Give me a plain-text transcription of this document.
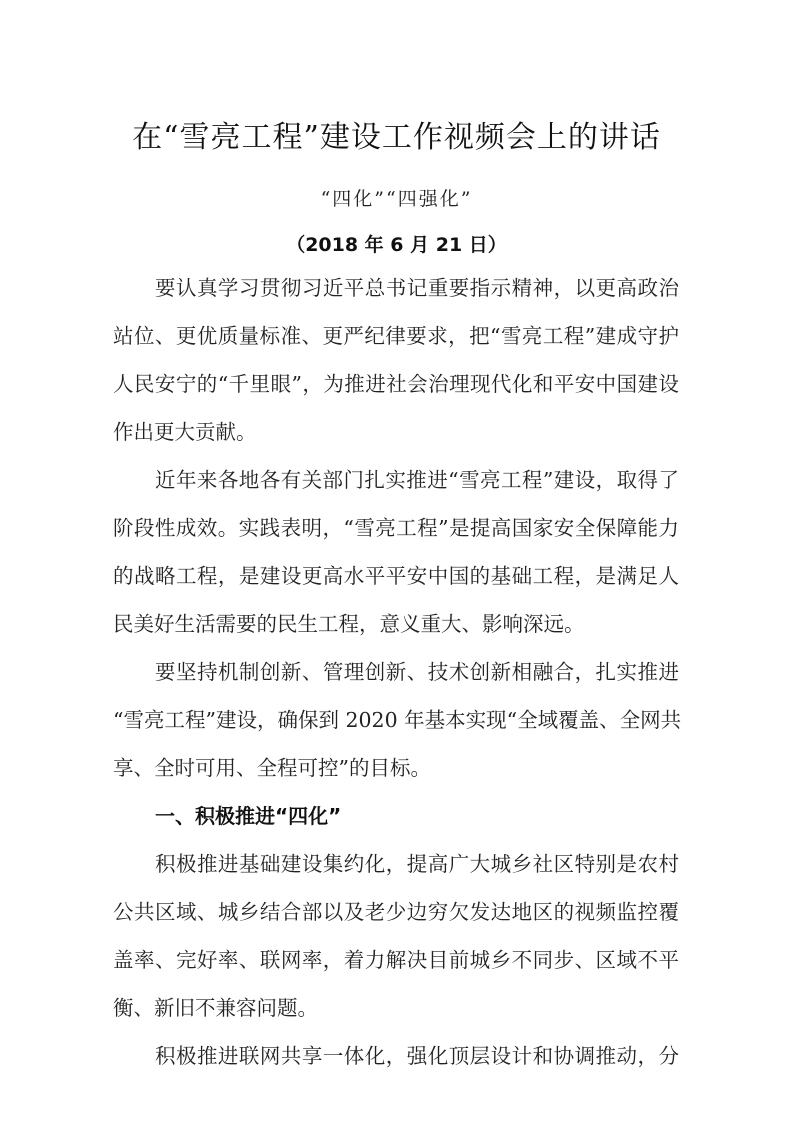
在“雪亮工程”建设工作视频会上的讲话
“四化”“四强化”
（2018 年 6 月 21 日）
要认真学习贯彻习近平总书记重要指示精神，以更高政治
站位、更优质量标准、更严纪律要求，把“雪亮工程”建成守护
人民安宁的“千里眼”，为推进社会治理现代化和平安中国建设
作出更大贡献。
近年来各地各有关部门扎实推进“雪亮工程”建设，取得了
阶段性成效。实践表明，“雪亮工程”是提高国家安全保障能力
的战略工程，是建设更高水平平安中国的基础工程，是满足人
民美好生活需要的民生工程，意义重大、影响深远。
要坚持机制创新、管理创新、技术创新相融合，扎实推进
“雪亮工程”建设，确保到 2020 年基本实现“全域覆盖、全网共
享、全时可用、全程可控”的目标。
一、积极推进“四化”
积极推进基础建设集约化，提高广大城乡社区特别是农村
公共区域、城乡结合部以及老少边穷欠发达地区的视频监控覆
盖率、完好率、联网率，着力解决目前城乡不同步、区域不平
衡、新旧不兼容问题。
积极推进联网共享一体化，强化顶层设计和协调推动，分
